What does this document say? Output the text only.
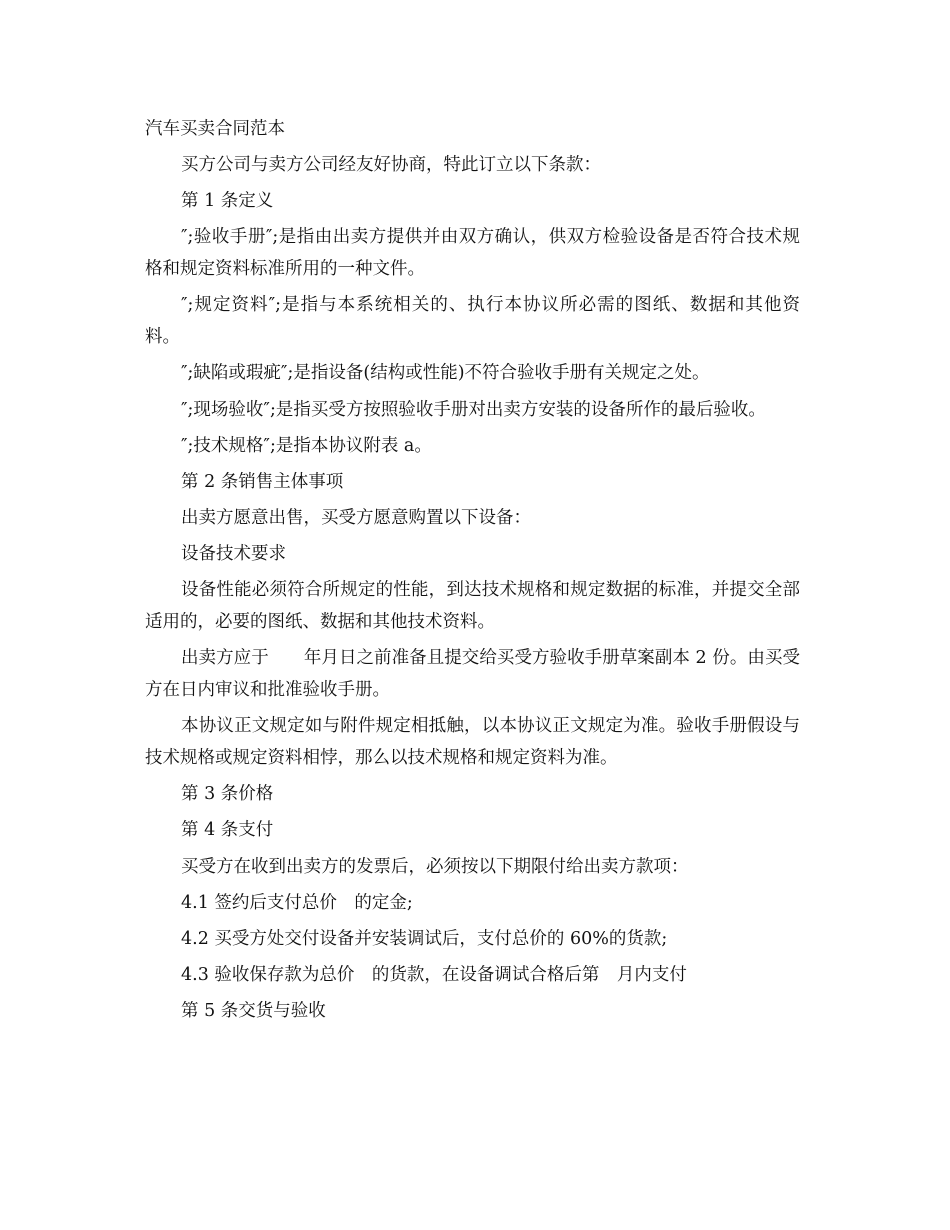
汽车买卖合同范本
买方公司与卖方公司经友好协商，特此订立以下条款：
第 1 条定义
″;验收手册″;是指由出卖方提供并由双方确认，供双方检验设备是否符合技术规格和规定资料标准所用的一种文件。
″;规定资料″;是指与本系统相关的、执行本协议所必需的图纸、数据和其他资料。
″;缺陷或瑕疵″;是指设备(结构或性能)不符合验收手册有关规定之处。
″;现场验收″;是指买受方按照验收手册对出卖方安装的设备所作的最后验收。
″;技术规格″;是指本协议附表 a。
第 2 条销售主体事项
出卖方愿意出售，买受方愿意购置以下设备：
设备技术要求
设备性能必须符合所规定的性能，到达技术规格和规定数据的标准，并提交全部适用的，必要的图纸、数据和其他技术资料。
出卖方应于　　年月日之前准备且提交给买受方验收手册草案副本 2 份。由买受方在日内审议和批准验收手册。
本协议正文规定如与附件规定相抵触，以本协议正文规定为准。验收手册假设与技术规格或规定资料相悖，那么以技术规格和规定资料为准。
第 3 条价格
第 4 条支付
买受方在收到出卖方的发票后，必须按以下期限付给出卖方款项：
4.1 签约后支付总价　的定金;
4.2 买受方处交付设备并安装调试后，支付总价的 60%的货款;
4.3 验收保存款为总价　的货款，在设备调试合格后第　月内支付
第 5 条交货与验收
